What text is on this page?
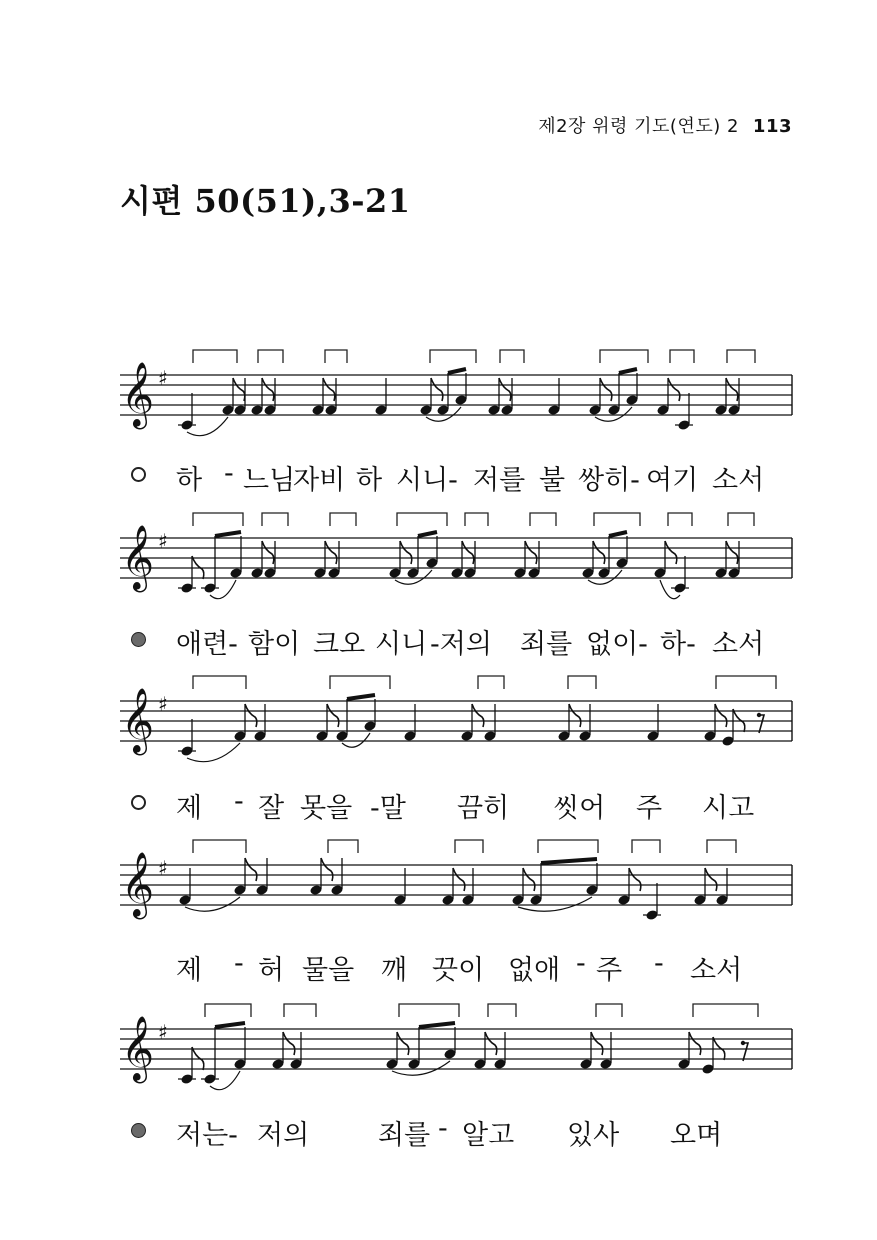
제2장 위령 기도(연도) 2 113
시편 50(51),3-21
𝄞 ♯
하 - 느님
자비 하 시니- 저를 불 쌍히- 여기 소서
𝄞 ♯
애련- 함이 크오 시니 -저의 죄를 없이- 하- 소서
𝄞 ♯
제 - 잘 못을 -말 끔히 씻어 주 시고
𝄞 ♯
제 - 허 물을 깨 끗이 없애 - 주 - 소서
𝄞 ♯
저는- 저의	죄를 - 알고 있사 오며
